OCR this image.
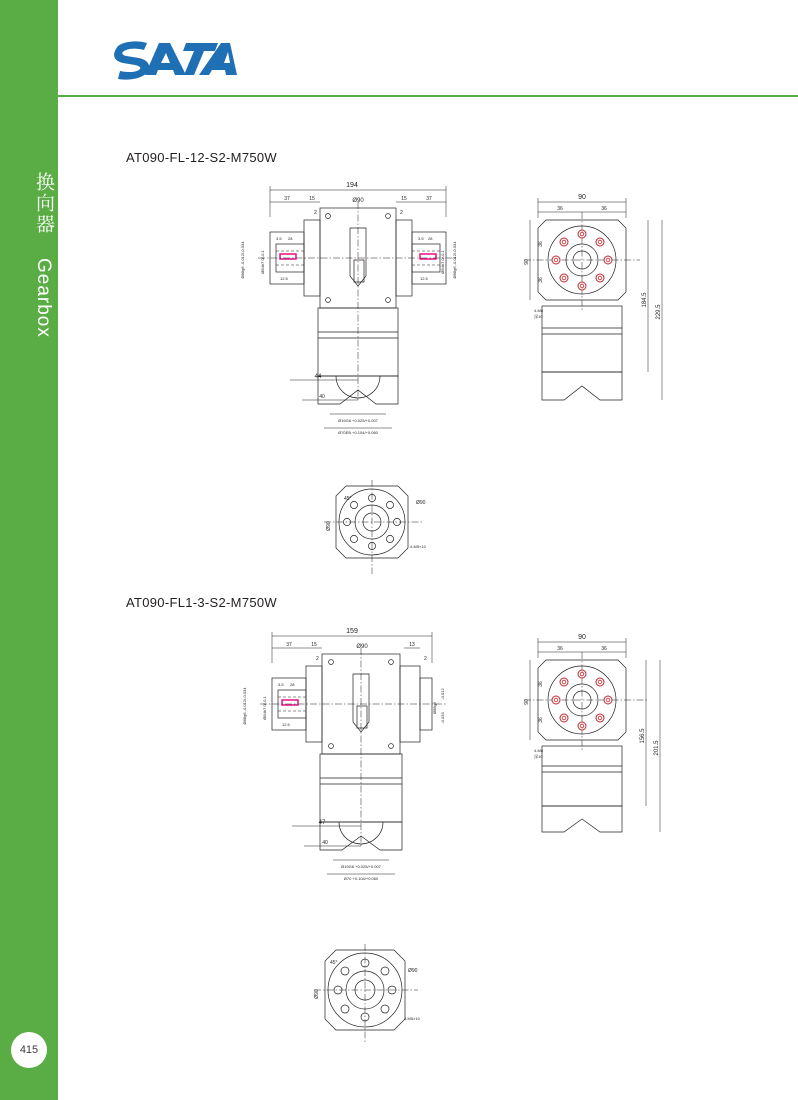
换向器 Gearbox
415
AT090-FL-12-S2-M750W
194
37	15	15	37
2	2
Ø90
Ø88g6 -0.012/-0.034	Ø84h7 0/-0.1
3.5 28
12.5
3.5 28
12.5
Ø88g6 -0.012/-0.034
Ø84h7 0/-0.1
44
40
Ø19G6 +0.025/+0.007
Ø70EB +0.104/+0.060
90
36	36
90
36
36
4-M6
深10
184.5
229.5
45°
Ø90
Ø90
4-M5×10
AT090-FL1-3-S2-M750W
159
37	15	13
2	2
Ø90
Ø88g6 -0.012/-0.034	Ø84h7 0/-0.1
3.5 28
12.5
-0.012
-0.034
Ø88g6
47
40
Ø19G6 +0.025/+0.007
Ø70 +0.104/+0.060
90
36	36
90
36
36
4-M6
深10
156.5
201.5
45°
Ø90
Ø90
4-M5×10
